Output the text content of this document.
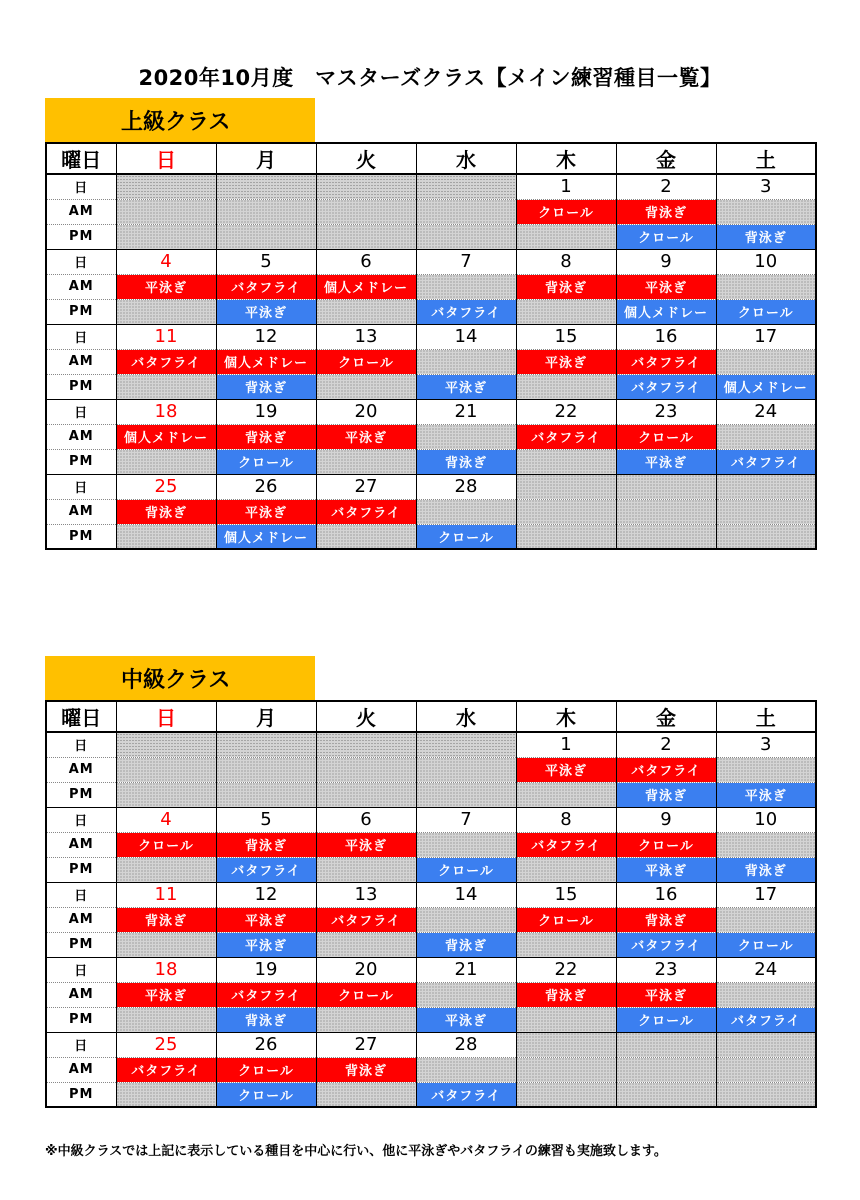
2020年10月度　マスターズクラス【メイン練習種目一覧】
上級クラス
曜日	日	月	火	水	木	金	土
日					1	2	3
AM					クロール	背泳ぎ	
PM						クロール	背泳ぎ
日	4	5	6	7	8	9	10
AM	平泳ぎ	バタフライ	個人メドレー		背泳ぎ	平泳ぎ	
PM		平泳ぎ		バタフライ		個人メドレー	クロール
日	11	12	13	14	15	16	17
AM	バタフライ	個人メドレー	クロール		平泳ぎ	バタフライ	
PM		背泳ぎ		平泳ぎ		バタフライ	個人メドレー
日	18	19	20	21	22	23	24
AM	個人メドレー	背泳ぎ	平泳ぎ		バタフライ	クロール	
PM		クロール		背泳ぎ		平泳ぎ	バタフライ
日	25	26	27	28			
AM	背泳ぎ	平泳ぎ	バタフライ				
PM		個人メドレー		クロール			
中級クラス
曜日	日	月	火	水	木	金	土
日					1	2	3
AM					平泳ぎ	バタフライ	
PM						背泳ぎ	平泳ぎ
日	4	5	6	7	8	9	10
AM	クロール	背泳ぎ	平泳ぎ		バタフライ	クロール	
PM		バタフライ		クロール		平泳ぎ	背泳ぎ
日	11	12	13	14	15	16	17
AM	背泳ぎ	平泳ぎ	バタフライ		クロール	背泳ぎ	
PM		平泳ぎ		背泳ぎ		バタフライ	クロール
日	18	19	20	21	22	23	24
AM	平泳ぎ	バタフライ	クロール		背泳ぎ	平泳ぎ	
PM		背泳ぎ		平泳ぎ		クロール	バタフライ
日	25	26	27	28			
AM	バタフライ	クロール	背泳ぎ				
PM		クロール		バタフライ			
※中級クラスでは上記に表示している種目を中心に行い、他に平泳ぎやバタフライの練習も実施致します。
